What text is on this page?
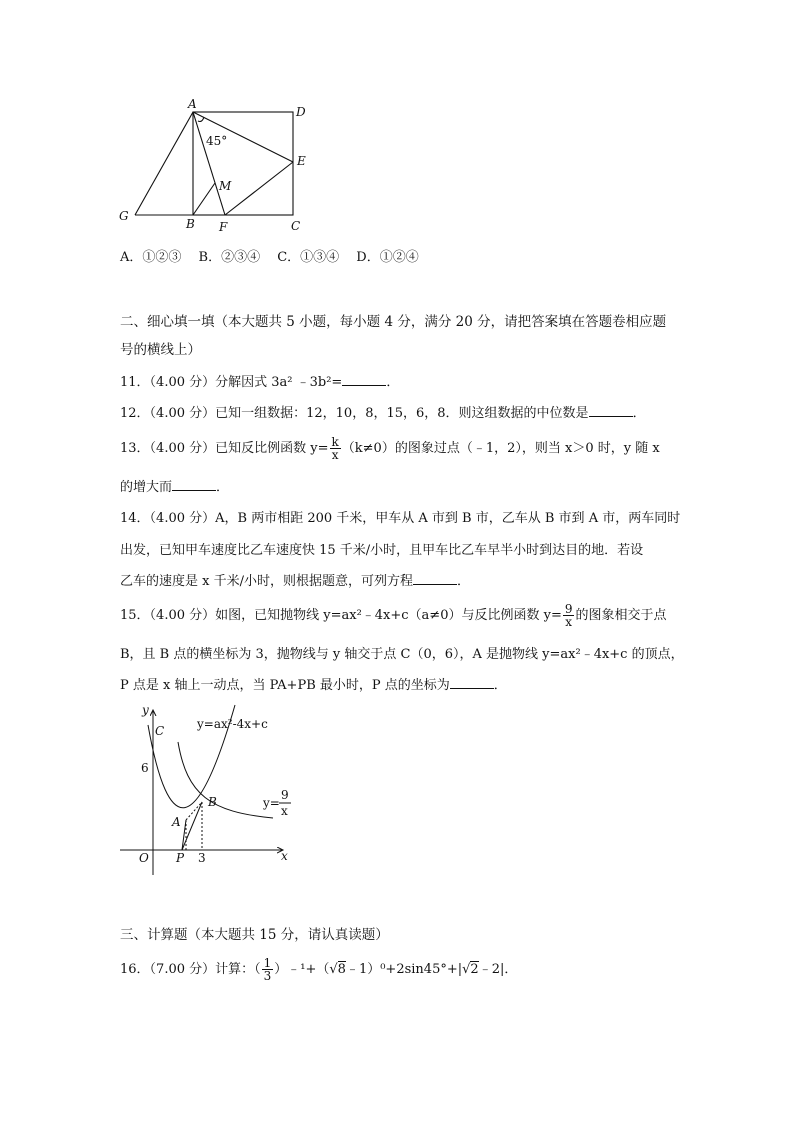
A
D
E
M
G
B F	C
45°
A．①②③　 B．②③④　 C．①③④　 D．①②④
二、细心填一填（本大题共 5 小题，每小题 4 分，满分 20 分，请把答案填在答题卷相应题
号的横线上）
11．（4.00 分）分解因式 3a² ﹣3b²=	．
12．（4.00 分）已知一组数据：12，10，8，15，6，8．则这组数据的中位数是	．
13．（4.00 分）已知反比例函数 $y= \frac{k}{x} (k\ne 0)$的图象过点（﹣1，2），则当 x＞0 时，y 随 x
的增大而	．
14．（4.00 分）A，B 两市相距 200 千米，甲车从 A 市到 B 市，乙车从 B 市到 A 市，两车同时
出发，已知甲车速度比乙车速度快 15 千米/小时，且甲车比乙车早半小时到达目的地．若设
乙车的速度是 x 千米/小时，则根据题意，可列方程	．
15．（4.00 分）如图，已知抛物线 y=ax²﹣4x+c（a≠0）与反比例函数 $y= \frac{9}{x}$ 的图象相交于点
B，且 B 点的横坐标为 3，抛物线与 y 轴交于点 C（0，6），A 是抛物线 y=ax²﹣4x+c 的顶点，
P 点是 x 轴上一动点，当 PA+PB 最小时，P 点的坐标为	．
y
x
O
C
A
B
P
6
3
y=ax²-4x+c
y=
9
x
三、计算题（本大题共 15 分，请认真读题）
16．（7.00 分）计算：（ $\frac{1}{3}$ ）﹣¹+（√8﹣1）⁰+2sin45°+|√2﹣2|．
